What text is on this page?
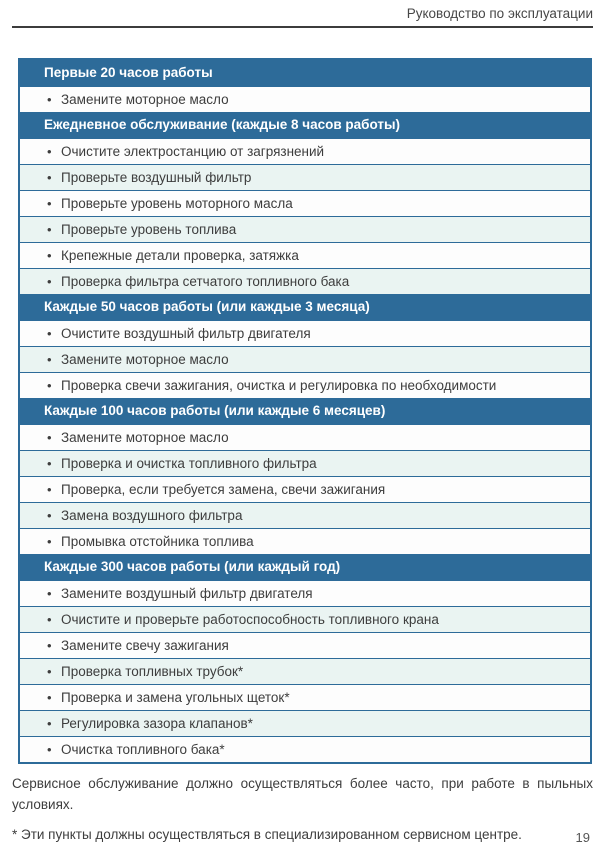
Руководство по эксплуатации
Первые 20 часов работы
• Замените моторное масло
Ежедневное обслуживание (каждые 8 часов работы)
• Очистите электростанцию от загрязнений
• Проверьте воздушный фильтр
• Проверьте уровень моторного масла
• Проверьте уровень топлива
• Крепежные детали проверка, затяжка
• Проверка фильтра сетчатого топливного бака
Каждые 50 часов работы (или каждые 3 месяца)
• Очистите воздушный фильтр двигателя
• Замените моторное масло
• Проверка свечи зажигания, очистка и регулировка по необходимости
Каждые 100 часов работы (или каждые 6 месяцев)
• Замените моторное масло
• Проверка и очистка топливного фильтра
• Проверка, если требуется замена, свечи зажигания
• Замена воздушного фильтра
• Промывка отстойника топлива
Каждые 300 часов работы (или каждый год)
• Замените воздушный фильтр двигателя
• Очистите и проверьте работоспособность топливного крана
• Замените свечу зажигания
• Проверка топливных трубок*
• Проверка и замена угольных щеток*
• Регулировка зазора клапанов*
• Очистка топливного бака*

Сервисное обслуживание должно осуществляться более часто, при работе в пыльных условиях.

* Эти пункты должны осуществляться в специализированном сервисном центре.	19
